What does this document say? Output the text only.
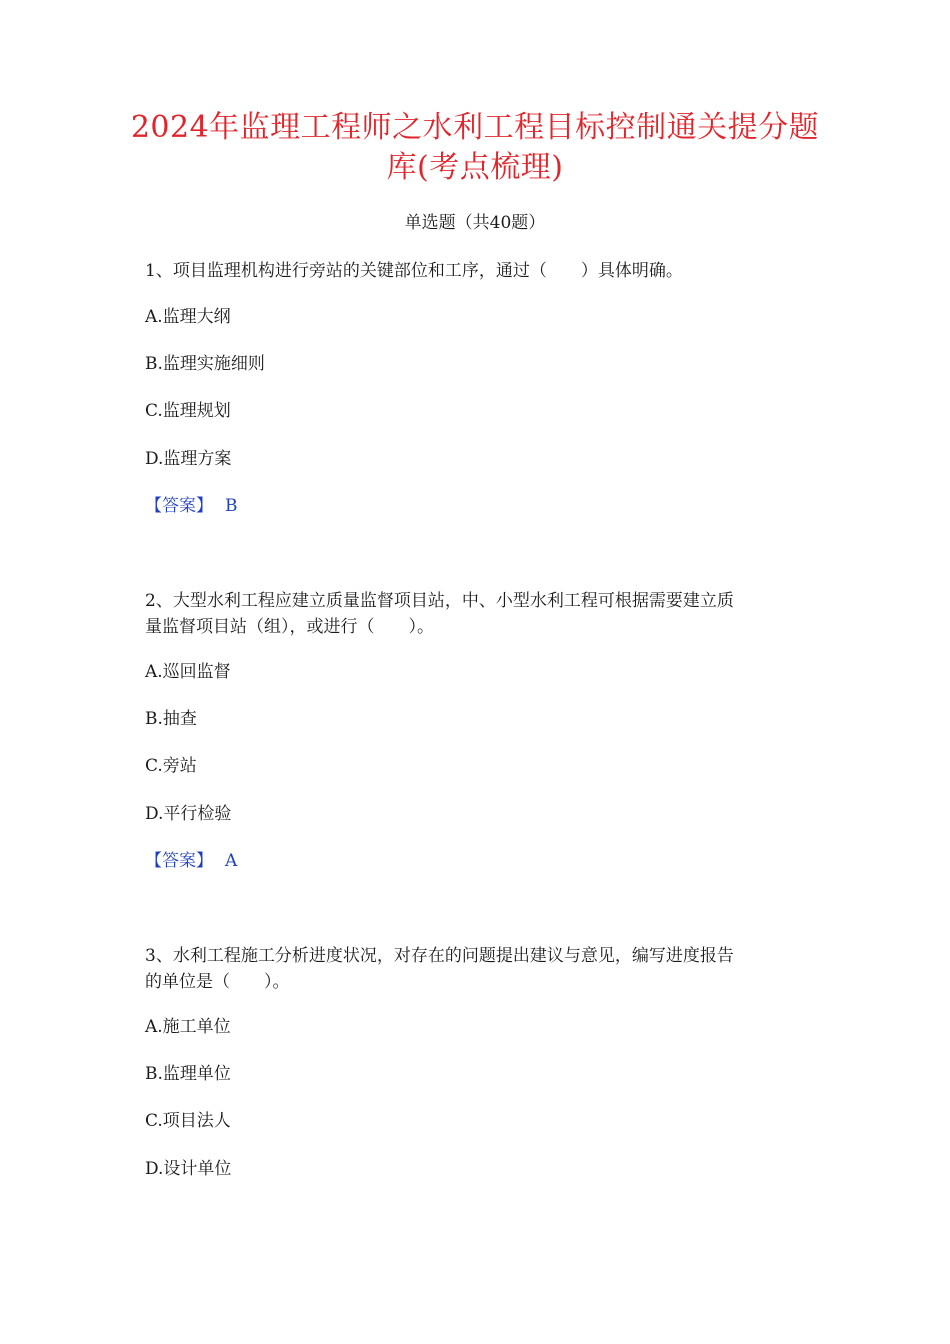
2024年监理工程师之水利工程目标控制通关提分题
库(考点梳理)
单选题（共40题）

1、项目监理机构进行旁站的关键部位和工序，通过（　　）具体明确。

A.监理大纲

B.监理实施细则

C.监理规划

D.监理方案

【答案】 B

2、大型水利工程应建立质量监督项目站，中、小型水利工程可根据需要建立质

量监督项目站（组），或进行（　　）。

A.巡回监督

B.抽查

C.旁站

D.平行检验

【答案】 A

3、水利工程施工分析进度状况，对存在的问题提出建议与意见，编写进度报告

的单位是（　　）。

A.施工单位

B.监理单位

C.项目法人

D.设计单位
